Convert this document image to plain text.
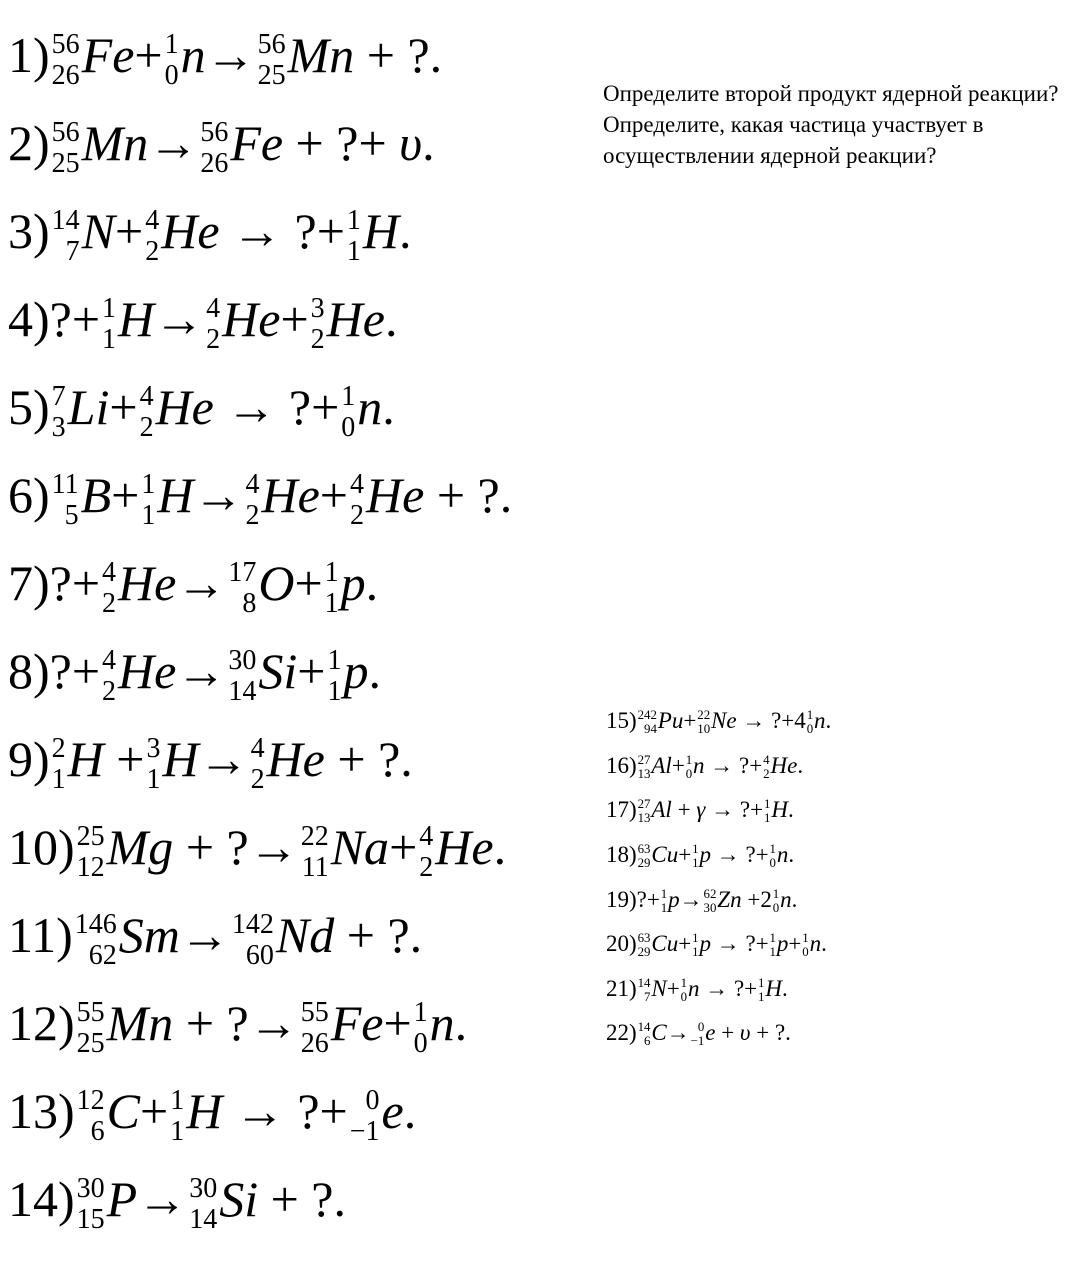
Определите второй продукт ядерной реакции?

Определите, какая частица участвует в осуществлении ядерной реакции?

1) 56
26 Fe+ 1
0 n→ 56
25 Mn + ?.
2) 56
25 Mn→ 56
26 Fe + ?+ υ.
3) 14
7 N+ 4
2 He → ?+ 1
1 H.
4)?+ 1
1 H→ 4
2 He+ 3
2 He.
5) 7
3 Li+ 4
2 He → ?+ 1
0 n.
6) 11
5 B+ 1
1 H→ 4
2 He+ 4
2 He + ?.
7)?+ 4
2 He→ 17
8 O+ 1
1 p.
8)?+ 4
2 He→ 30
14 Si+ 1
1 p.
9) 2
1 H + 3
1 H→ 4
2 He + ?.
10) 25
12 Mg + ?→ 22
11 Na+ 4
2 He.
11) 146
62 Sm→ 142
60 Nd + ?.
12) 55
25 Mn + ?→ 55
26 Fe+ 1
0 n.
13) 12
6 C+ 1
1 H → ?+ 0
−1 e.
14) 30
15 P→ 30
14 Si + ?.
15) 242
94 Pu+ 22
10 Ne → ?+4 1
0 n.
16) 27
13 Al+ 1
0 n → ?+ 4
2 He.
17) 27
13 Al + γ → ?+ 1
1 H.
18) 63
29 Cu+ 1
1 p → ?+ 1
0 n.
19)?+ 1
1 p→ 62
30 Zn +2 1
0 n.
20) 63
29 Cu+ 1
1 p → ?+ 1
1 p+ 1
0 n.
21) 14
7 N+ 1
0 n → ?+ 1
1 H.
22) 14
6 C→ 0
−1 e + υ + ?.
